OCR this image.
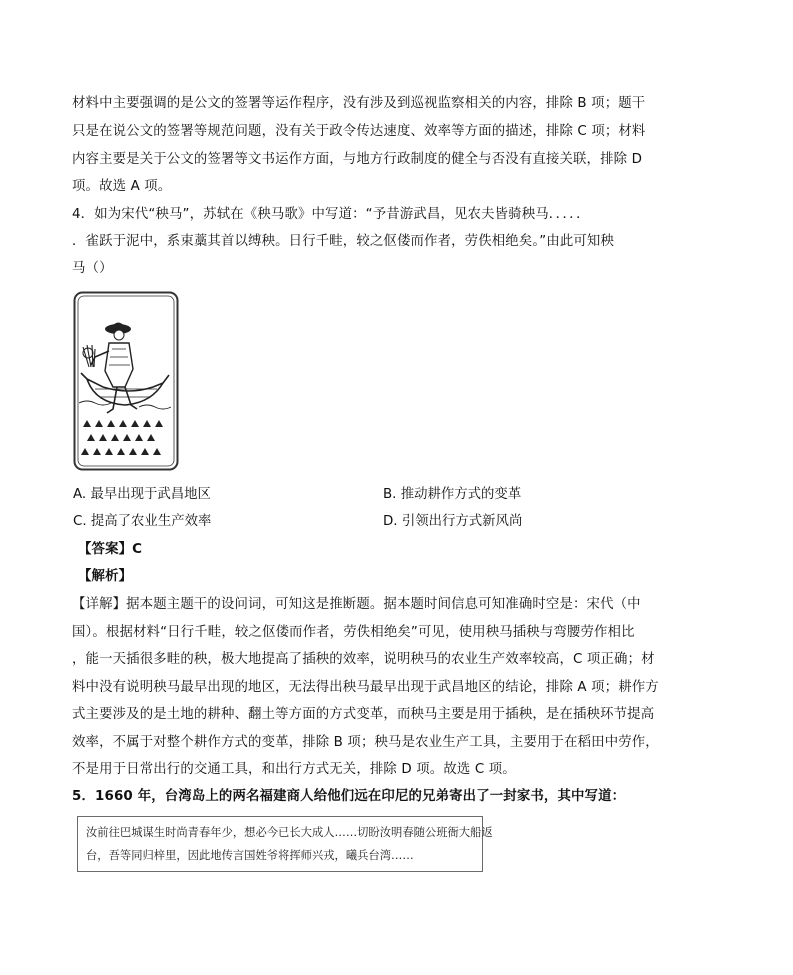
材料中主要强调的是公文的签署等运作程序，没有涉及到巡视监察相关的内容，排除 B 项；题干
只是在说公文的签署等规范问题，没有关于政令传达速度、效率等方面的描述，排除 C 项；材料
内容主要是关于公文的签署等文书运作方面，与地方行政制度的健全与否没有直接关联，排除 D
项。故选 A 项。
4．如为宋代“秧马”，苏轼在《秧马歌》中写道：“予昔游武昌，见农夫皆骑秧马．．．．．
．雀跃于泥中，系束藁其首以缚秧。日行千畦，较之伛偻而作者，劳佚相绝矣。”由此可知秧
马（）
A. 最早出现于武昌地区	B. 推动耕作方式的变革
C. 提高了农业生产效率	D. 引领出行方式新风尚
【答案】C
【解析】
【详解】据本题主题干的设问词，可知这是推断题。据本题时间信息可知准确时空是：宋代（中
国）。根据材料“日行千畦，较之伛偻而作者，劳佚相绝矣”可见，使用秧马插秧与弯腰劳作相比
，能一天插很多畦的秧，极大地提高了插秧的效率，说明秧马的农业生产效率较高，C 项正确；材
料中没有说明秧马最早出现的地区，无法得出秧马最早出现于武昌地区的结论，排除 A 项；耕作方
式主要涉及的是土地的耕种、翻土等方面的方式变革，而秧马主要是用于插秧，是在插秧环节提高
效率，不属于对整个耕作方式的变革，排除 B 项；秧马是农业生产工具，主要用于在稻田中劳作，
不是用于日常出行的交通工具，和出行方式无关，排除 D 项。故选 C 项。
5．1660 年，台湾岛上的两名福建商人给他们远在印尼的兄弟寄出了一封家书，其中写道：
汝前往巴城谋生时尚青春年少，想必今已长大成人……切盼汝明春随公班衙大船返
台，吾等同归梓里，因此地传言国姓爷将挥师兴戎，曦兵台湾……
